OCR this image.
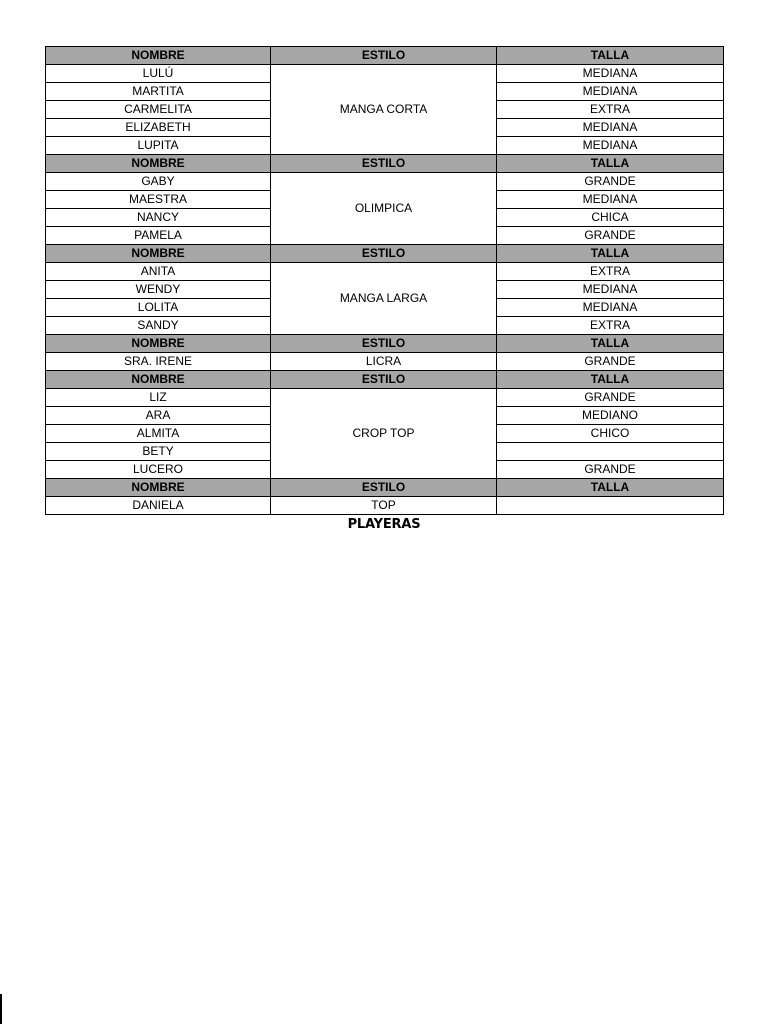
NOMBRE	ESTILO	TALLA
LULÚ	MANGA CORTA	MEDIANA
MARTITA		MEDIANA
CARMELITA		EXTRA
ELIZABETH		MEDIANA
LUPITA		MEDIANA
NOMBRE	ESTILO	TALLA
GABY	OLIMPICA	GRANDE
MAESTRA		MEDIANA
NANCY		CHICA
PAMELA		GRANDE
NOMBRE	ESTILO	TALLA
ANITA	MANGA LARGA	EXTRA
WENDY		MEDIANA
LOLITA		MEDIANA
SANDY		EXTRA
NOMBRE	ESTILO	TALLA
SRA. IRENE	LICRA	GRANDE
NOMBRE	ESTILO	TALLA
LIZ	CROP TOP	GRANDE
ARA		MEDIANO
ALMITA		CHICO
BETY		
LUCERO		GRANDE
NOMBRE	ESTILO	TALLA
DANIELA	TOP	
PLAYERAS
